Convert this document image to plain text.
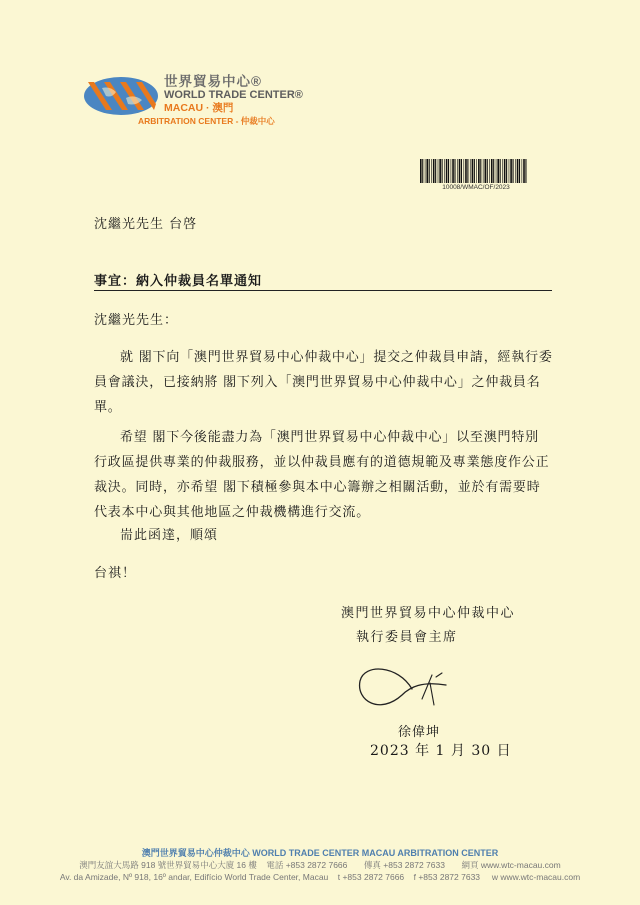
世界貿易中心®
WORLD TRADE CENTER®
MACAU · 澳門
ARBITRATION CENTER - 仲裁中心
10008/WMAC/OF/2023
沈繼光先生 台啓
事宜：納入仲裁員名單通知
沈繼光先生：
就 閣下向「澳門世界貿易中心仲裁中心」提交之仲裁員申請，經執行委
員會議決，已接納將 閣下列入「澳門世界貿易中心仲裁中心」之仲裁員名
單。
希望 閣下今後能盡力為「澳門世界貿易中心仲裁中心」以至澳門特別
行政區提供專業的仲裁服務，並以仲裁員應有的道德規範及專業態度作公正
裁決。同時，亦希望 閣下積極參與本中心籌辦之相關活動，並於有需要時
代表本中心與其他地區之仲裁機構進行交流。
耑此函達，順頌
台祺！
澳門世界貿易中心仲裁中心
執行委員會主席
徐偉坤
2023 年 1 月 30 日
澳門世界貿易中心仲裁中心 WORLD TRADE CENTER MACAU ARBITRATION CENTER
澳門友誼大馬路 918 號世界貿易中心大廈 16 樓 電話 +853 2872 7666 傳真 +853 2872 7633 網頁 www.wtc-macau.com
Av. da Amizade, Nº 918, 16º andar, Edifício World Trade Center, Macau t +853 2872 7666 f +853 2872 7633 w www.wtc-macau.com
